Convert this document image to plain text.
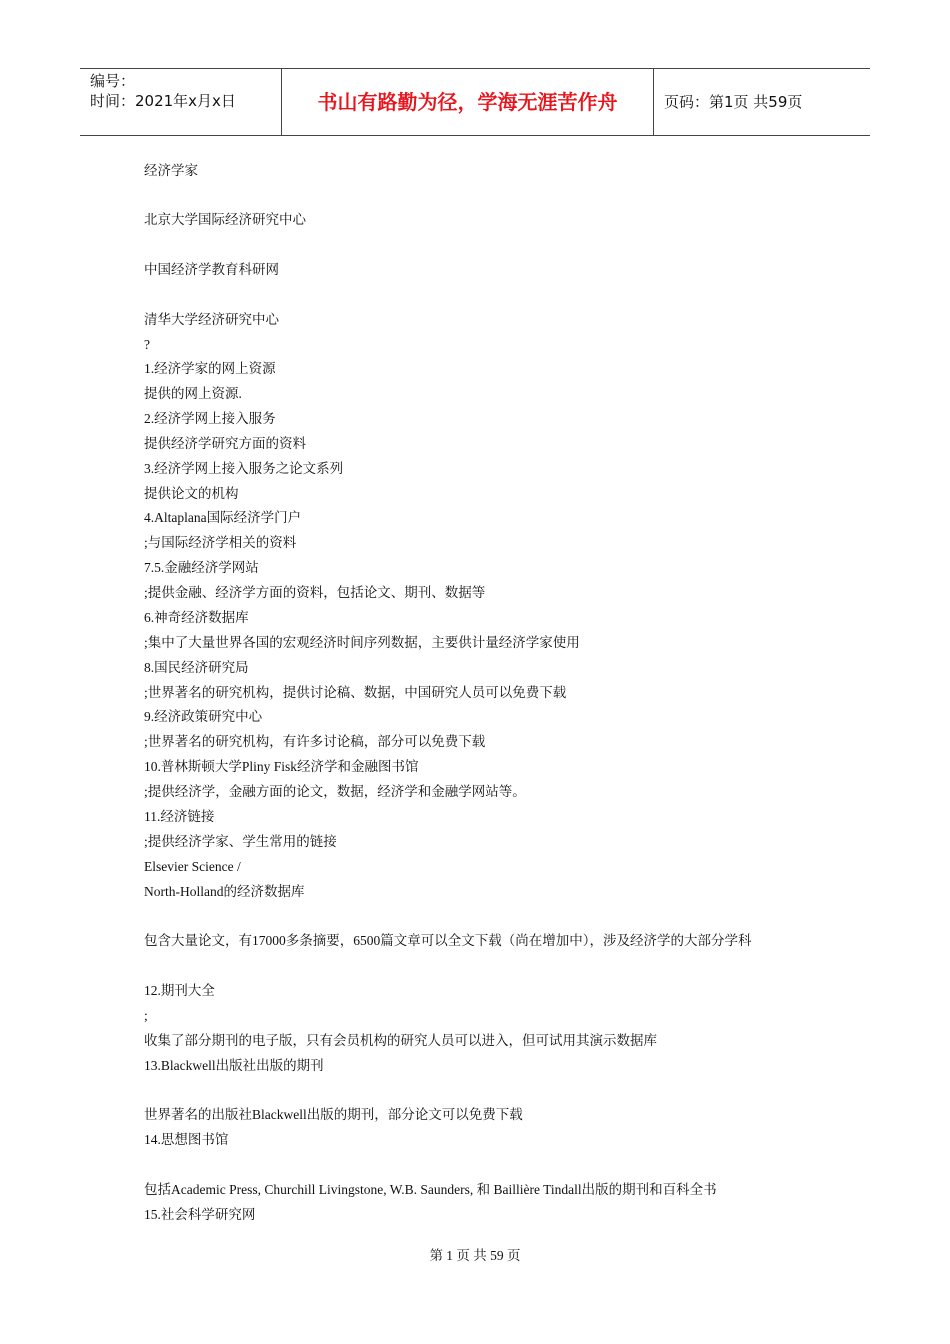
编号：
时间：2021年x月x日	书山有路勤为径，学海无涯苦作舟	页码：第1页 共59页
经济学家
北京大学国际经济研究中心
中国经济学教育科研网
清华大学经济研究中心
?
1.经济学家的网上资源
提供的网上资源.
2.经济学网上接入服务
提供经济学研究方面的资料
3.经济学网上接入服务之论文系列
提供论文的机构
4.Altaplana国际经济学门户
;与国际经济学相关的资料
7.5.金融经济学网站
;提供金融、经济学方面的资料，包括论文、期刊、数据等
6.神奇经济数据库
;集中了大量世界各国的宏观经济时间序列数据，主要供计量经济学家使用
8.国民经济研究局
;世界著名的研究机构，提供讨论稿、数据，中国研究人员可以免费下载
9.经济政策研究中心
;世界著名的研究机构，有许多讨论稿，部分可以免费下载
10.普林斯顿大学Pliny Fisk经济学和金融图书馆
;提供经济学，金融方面的论文，数据，经济学和金融学网站等。
11.经济链接
;提供经济学家、学生常用的链接
Elsevier Science /
North-Holland的经济数据库
包含大量论文，有17000多条摘要，6500篇文章可以全文下载（尚在增加中），涉及经济学的大部分学科
12.期刊大全
;
收集了部分期刊的电子版，只有会员机构的研究人员可以进入，但可试用其演示数据库
13.Blackwell出版社出版的期刊
世界著名的出版社Blackwell出版的期刊，部分论文可以免费下载
14.思想图书馆
包括Academic Press, Churchill Livingstone, W.B. Saunders, 和 Baillière Tindall出版的期刊和百科全书
15.社会科学研究网
第 1 页 共 59 页
